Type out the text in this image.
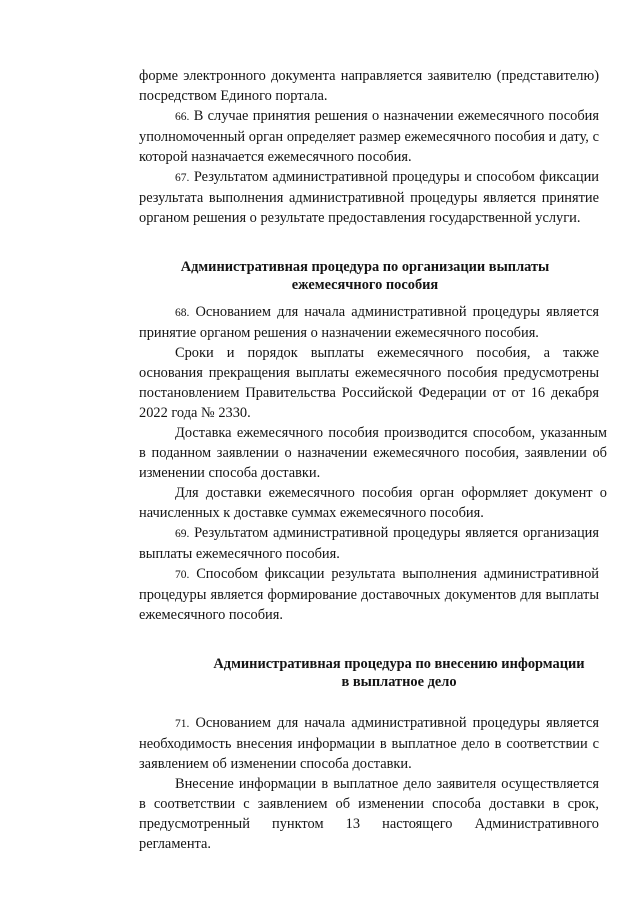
форме электронного документа направляется заявителю (представителю) посредством Единого портала.

66. В случае принятия решения о назначении ежемесячного пособия уполномоченный орган определяет размер ежемесячного пособия и дату, с которой назначается ежемесячного пособия.

67. Результатом административной процедуры и способом фиксации результата выполнения административной процедуры является принятие органом решения о результате предоставления государственной услуги.

Административная процедура по организации выплаты
ежемесячного пособия

68. Основанием для начала административной процедуры является принятие органом решения о назначении ежемесячного пособия.

Сроки и порядок выплаты ежемесячного пособия, а также основания прекращения выплаты ежемесячного пособия предусмотрены постановлением Правительства Российской Федерации от от 16 декабря 2022 года № 2330.

Доставка ежемесячного пособия производится способом, указанным в поданном заявлении о назначении ежемесячного пособия, заявлении об изменении способа доставки.

Для доставки ежемесячного пособия орган оформляет документ о начисленных к доставке суммах ежемесячного пособия.

69. Результатом административной процедуры является организация выплаты ежемесячного пособия.

70. Способом фиксации результата выполнения административной процедуры является формирование доставочных документов для выплаты ежемесячного пособия.

Административная процедура по внесению информации
в выплатное дело

71. Основанием для начала административной процедуры является необходимость внесения информации в выплатное дело в соответствии с заявлением об изменении способа доставки.

Внесение информации в выплатное дело заявителя осуществляется в соответствии с заявлением об изменении способа доставки в срок, предусмотренный пунктом 13 настоящего Административного регламента.
